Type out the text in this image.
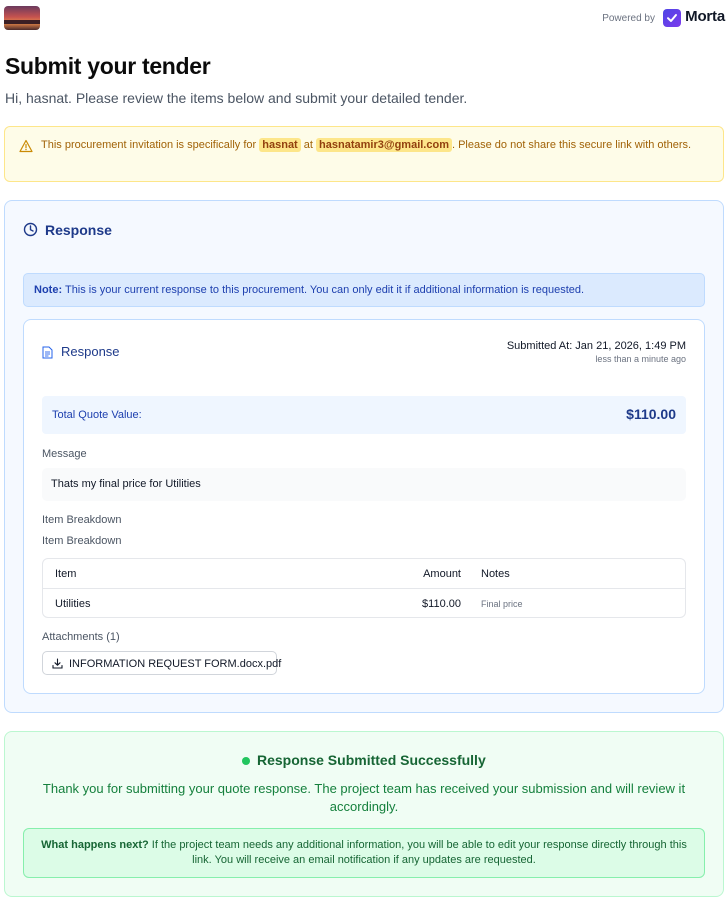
Powered by Morta
Submit your tender

Hi, hasnat. Please review the items below and submit your detailed tender.

This procurement invitation is specifically for hasnat at hasnatamir3@gmail.com . Please do not share this secure link with others.
Response
Note: This is your current response to this procurement. You can only edit it if additional information is requested.
Response	Submitted At: Jan 21, 2026, 1:49 PM
less than a minute ago
Total Quote Value:	$110.00
Message
Thats my final price for Utilities
Item Breakdown
Item Breakdown
Item	Amount Notes
Utilities	$110.00 Final price
Attachments (1)
INFORMATION REQUEST FORM.docx.pdf
Response Submitted Successfully

Thank you for submitting your quote response. The project team has received your submission and will review it accordingly.

What happens next? If the project team needs any additional information, you will be able to edit your response directly through this link. You will receive an email notification if any updates are requested.
